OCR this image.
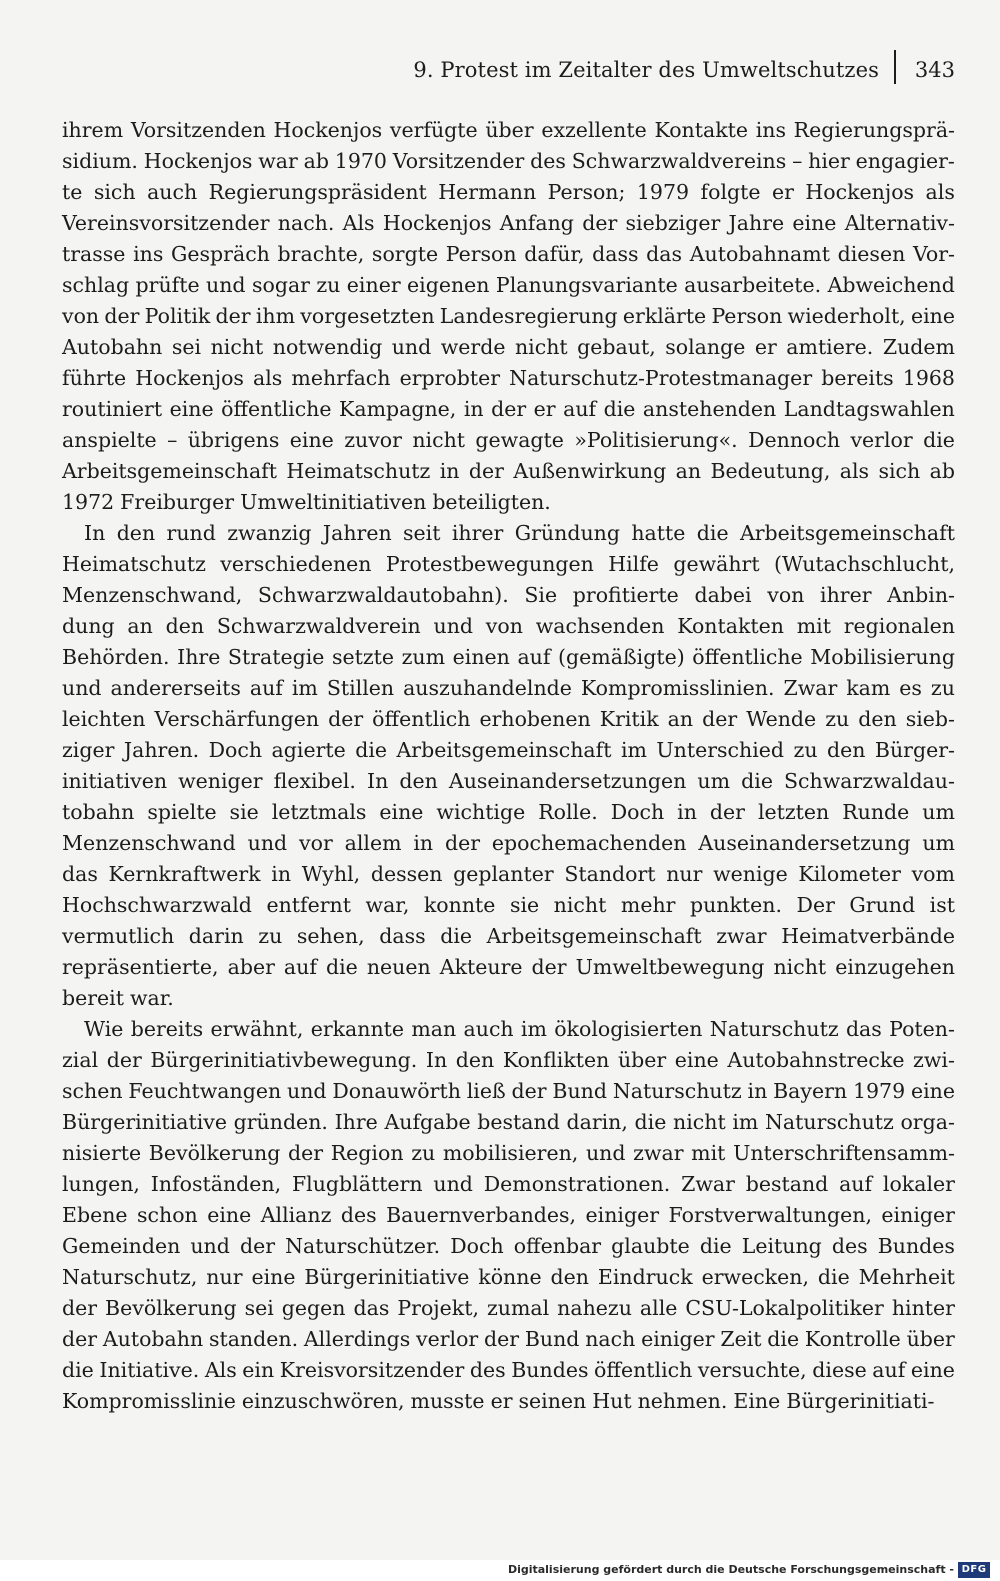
9. Protest im Zeitalter des Umweltschutzes 343
ihrem Vorsitzenden Hockenjos verfügte über exzellente Kontakte ins Regierungsprä-
sidium. Hockenjos war ab 1970 Vorsitzender des Schwarzwaldvereins – hier engagier-
te sich auch Regierungspräsident Hermann Person; 1979 folgte er Hockenjos als
Vereinsvorsitzender nach. Als Hockenjos Anfang der siebziger Jahre eine Alternativ-
trasse ins Gespräch brachte, sorgte Person dafür, dass das Autobahnamt diesen Vor-
schlag prüfte und sogar zu einer eigenen Planungsvariante ausarbeitete. Abweichend
von der Politik der ihm vorgesetzten Landesregierung erklärte Person wiederholt, eine
Autobahn sei nicht notwendig und werde nicht gebaut, solange er amtiere. Zudem
führte Hockenjos als mehrfach erprobter Naturschutz-Protestmanager bereits 1968
routiniert eine öffentliche Kampagne, in der er auf die anstehenden Landtagswahlen
anspielte – übrigens eine zuvor nicht gewagte »Politisierung«. Dennoch verlor die
Arbeitsgemeinschaft Heimatschutz in der Außenwirkung an Bedeutung, als sich ab
1972 Freiburger Umweltinitiativen beteiligten.
In den rund zwanzig Jahren seit ihrer Gründung hatte die Arbeitsgemeinschaft
Heimatschutz verschiedenen Protestbewegungen Hilfe gewährt (Wutachschlucht,
Menzenschwand, Schwarzwaldautobahn). Sie profitierte dabei von ihrer Anbin-
dung an den Schwarzwaldverein und von wachsenden Kontakten mit regionalen
Behörden. Ihre Strategie setzte zum einen auf (gemäßigte) öffentliche Mobilisierung
und andererseits auf im Stillen auszuhandelnde Kompromisslinien. Zwar kam es zu
leichten Verschärfungen der öffentlich erhobenen Kritik an der Wende zu den sieb-
ziger Jahren. Doch agierte die Arbeitsgemeinschaft im Unterschied zu den Bürger-
initiativen weniger flexibel. In den Auseinandersetzungen um die Schwarzwaldau-
tobahn spielte sie letztmals eine wichtige Rolle. Doch in der letzten Runde um
Menzenschwand und vor allem in der epochemachenden Auseinandersetzung um
das Kernkraftwerk in Wyhl, dessen geplanter Standort nur wenige Kilometer vom
Hochschwarzwald entfernt war, konnte sie nicht mehr punkten. Der Grund ist
vermutlich darin zu sehen, dass die Arbeitsgemeinschaft zwar Heimatverbände
repräsentierte, aber auf die neuen Akteure der Umweltbewegung nicht einzugehen
bereit war.
Wie bereits erwähnt, erkannte man auch im ökologisierten Naturschutz das Poten-
zial der Bürgerinitiativbewegung. In den Konflikten über eine Autobahnstrecke zwi-
schen Feuchtwangen und Donauwörth ließ der Bund Naturschutz in Bayern 1979 eine
Bürgerinitiative gründen. Ihre Aufgabe bestand darin, die nicht im Naturschutz orga-
nisierte Bevölkerung der Region zu mobilisieren, und zwar mit Unterschriftensamm-
lungen, Infoständen, Flugblättern und Demonstrationen. Zwar bestand auf lokaler
Ebene schon eine Allianz des Bauernverbandes, einiger Forstverwaltungen, einiger
Gemeinden und der Naturschützer. Doch offenbar glaubte die Leitung des Bundes
Naturschutz, nur eine Bürgerinitiative könne den Eindruck erwecken, die Mehrheit
der Bevölkerung sei gegen das Projekt, zumal nahezu alle CSU-Lokalpolitiker hinter
der Autobahn standen. Allerdings verlor der Bund nach einiger Zeit die Kontrolle über
die Initiative. Als ein Kreisvorsitzender des Bundes öffentlich versuchte, diese auf eine
Kompromisslinie einzuschwören, musste er seinen Hut nehmen. Eine Bürgerinitiati-
Digitalisierung gefördert durch die Deutsche Forschungsgemeinschaft - DFG
